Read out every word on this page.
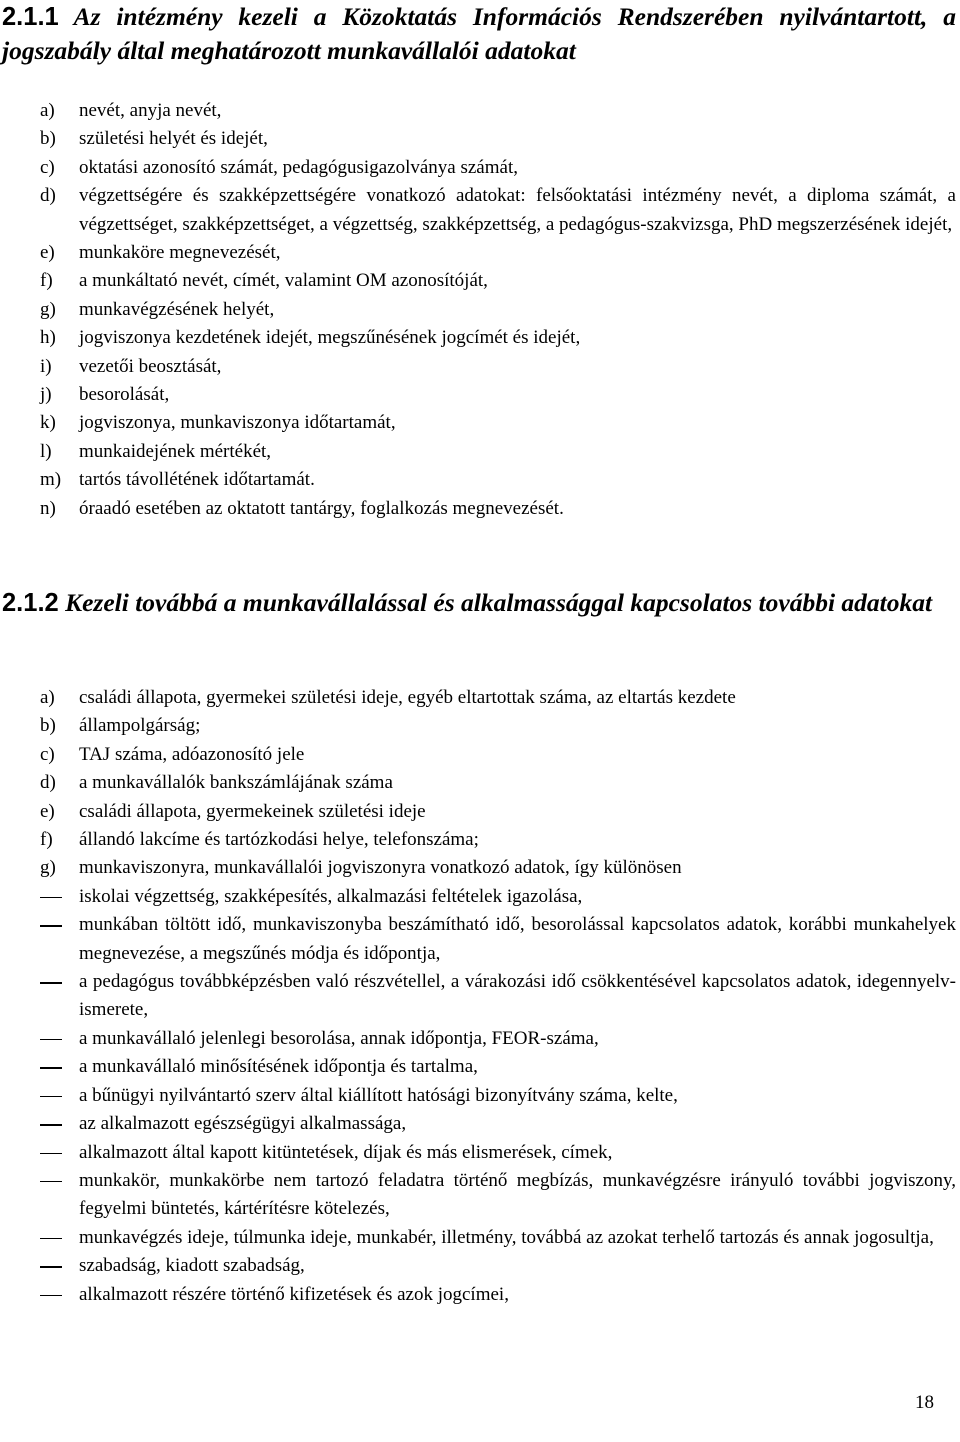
2.1.1 Az intézmény kezeli a Közoktatás Információs Rendszerében nyilvántartott, a jogszabály által meghatározott munkavállalói adatokat
a) nevét, anyja nevét,
b) születési helyét és idejét,
c) oktatási azonosító számát, pedagógusigazolványa számát,
d) végzettségére és szakképzettségére vonatkozó adatokat: felsőoktatási intézmény nevét, a diploma számát, a végzettséget, szakképzettséget, a végzettség, szakképzettség, a pedagógus-szakvizsga, PhD megszerzésének idejét,
e) munkaköre megnevezését,
f) a munkáltató nevét, címét, valamint OM azonosítóját,
g) munkavégzésének helyét,
h) jogviszonya kezdetének idejét, megszűnésének jogcímét és idejét,
i) vezetői beosztását,
j) besorolását,
k) jogviszonya, munkaviszonya időtartamát,
l) munkaidejének mértékét,
m) tartós távollétének időtartamát.
n) óraadó esetében az oktatott tantárgy, foglalkozás megnevezését.
2.1.2 Kezeli továbbá a munkavállalással és alkalmassággal kapcsolatos további adatokat
a) családi állapota, gyermekei születési ideje, egyéb eltartottak száma, az eltartás kezdete
b) állampolgárság;
c) TAJ száma, adóazonosító jele
d) a munkavállalók bankszámlájának száma
e) családi állapota, gyermekeinek születési ideje
f) állandó lakcíme és tartózkodási helye, telefonszáma;
g) munkaviszonyra, munkavállalói jogviszonyra vonatkozó adatok, így különösen
iskolai végzettség, szakképesítés, alkalmazási feltételek igazolása,
munkában töltött idő, munkaviszonyba beszámítható idő, besorolással kapcsolatos adatok, korábbi munkahelyek megnevezése, a megszűnés módja és időpontja,
a pedagógus továbbképzésben való részvétellel, a várakozási idő csökkentésével kapcsolatos adatok, idegennyelv-ismerete,
a munkavállaló jelenlegi besorolása, annak időpontja, FEOR-száma,
a munkavállaló minősítésének időpontja és tartalma,
a bűnügyi nyilvántartó szerv által kiállított hatósági bizonyítvány száma, kelte,
az alkalmazott egészségügyi alkalmassága,
alkalmazott által kapott kitüntetések, díjak és más elismerések, címek,
munkakör, munkakörbe nem tartozó feladatra történő megbízás, munkavégzésre irányuló további jogviszony, fegyelmi büntetés, kártérítésre kötelezés,
munkavégzés ideje, túlmunka ideje, munkabér, illetmény, továbbá az azokat terhelő tartozás és annak jogosultja,
szabadság, kiadott szabadság,
alkalmazott részére történő kifizetések és azok jogcímei,
18
